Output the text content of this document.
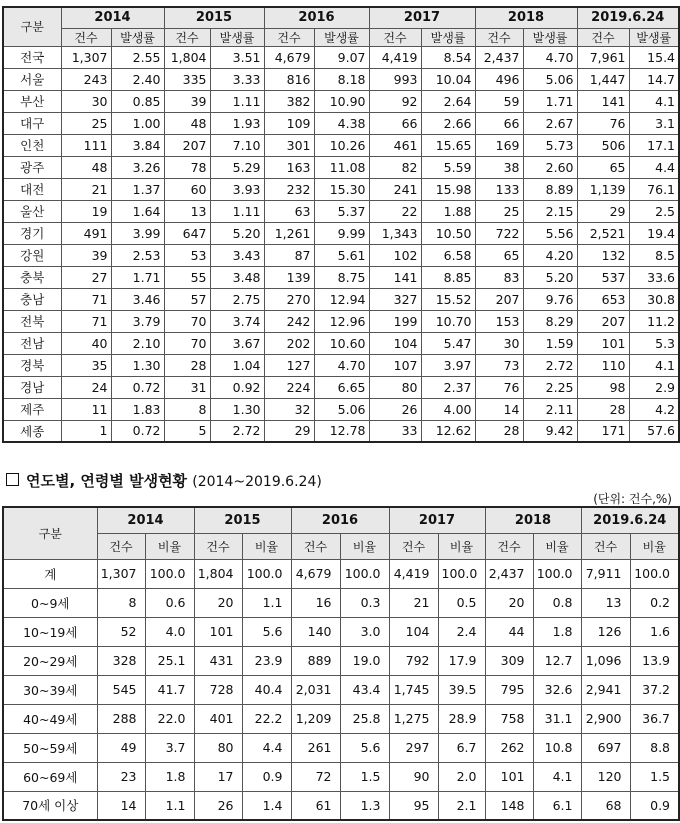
구분	2014		2015		2016		2017		2018		2019.6.24	
	건수	발생률	건수	발생률	건수	발생률	건수	발생률	건수	발생률	건수	발생률
전국	1,307	2.55	1,804	3.51	4,679	9.07	4,419	8.54	2,437	4.70	7,961	15.4
서울	243	2.40	335	3.33	816	8.18	993	10.04	496	5.06	1,447	14.7
부산	30	0.85	39	1.11	382	10.90	92	2.64	59	1.71	141	4.1
대구	25	1.00	48	1.93	109	4.38	66	2.66	66	2.67	76	3.1
인천	111	3.84	207	7.10	301	10.26	461	15.65	169	5.73	506	17.1
광주	48	3.26	78	5.29	163	11.08	82	5.59	38	2.60	65	4.4
대전	21	1.37	60	3.93	232	15.30	241	15.98	133	8.89	1,139	76.1
울산	19	1.64	13	1.11	63	5.37	22	1.88	25	2.15	29	2.5
경기	491	3.99	647	5.20	1,261	9.99	1,343	10.50	722	5.56	2,521	19.4
강원	39	2.53	53	3.43	87	5.61	102	6.58	65	4.20	132	8.5
충북	27	1.71	55	3.48	139	8.75	141	8.85	83	5.20	537	33.6
충남	71	3.46	57	2.75	270	12.94	327	15.52	207	9.76	653	30.8
전북	71	3.79	70	3.74	242	12.96	199	10.70	153	8.29	207	11.2
전남	40	2.10	70	3.67	202	10.60	104	5.47	30	1.59	101	5.3
경북	35	1.30	28	1.04	127	4.70	107	3.97	73	2.72	110	4.1
경남	24	0.72	31	0.92	224	6.65	80	2.37	76	2.25	98	2.9
제주	11	1.83	8	1.30	32	5.06	26	4.00	14	2.11	28	4.2
세종	1	0.72	5	2.72	29	12.78	33	12.62	28	9.42	171	57.6
연도별, 연령별 발생현황 (2014~2019.6.24)
(단위: 건수,%)
구분	2014		2015		2016		2017		2018		2019.6.24	
	건수	비율	건수	비율	건수	비율	건수	비율	건수	비율	건수	비율
계	1,307	100.0	1,804	100.0	4,679	100.0	4,419	100.0	2,437	100.0	7,911	100.0
0~9세	8	0.6	20	1.1	16	0.3	21	0.5	20	0.8	13	0.2
10~19세	52	4.0	101	5.6	140	3.0	104	2.4	44	1.8	126	1.6
20~29세	328	25.1	431	23.9	889	19.0	792	17.9	309	12.7	1,096	13.9
30~39세	545	41.7	728	40.4	2,031	43.4	1,745	39.5	795	32.6	2,941	37.2
40~49세	288	22.0	401	22.2	1,209	25.8	1,275	28.9	758	31.1	2,900	36.7
50~59세	49	3.7	80	4.4	261	5.6	297	6.7	262	10.8	697	8.8
60~69세	23	1.8	17	0.9	72	1.5	90	2.0	101	4.1	120	1.5
70세 이상	14	1.1	26	1.4	61	1.3	95	2.1	148	6.1	68	0.9
